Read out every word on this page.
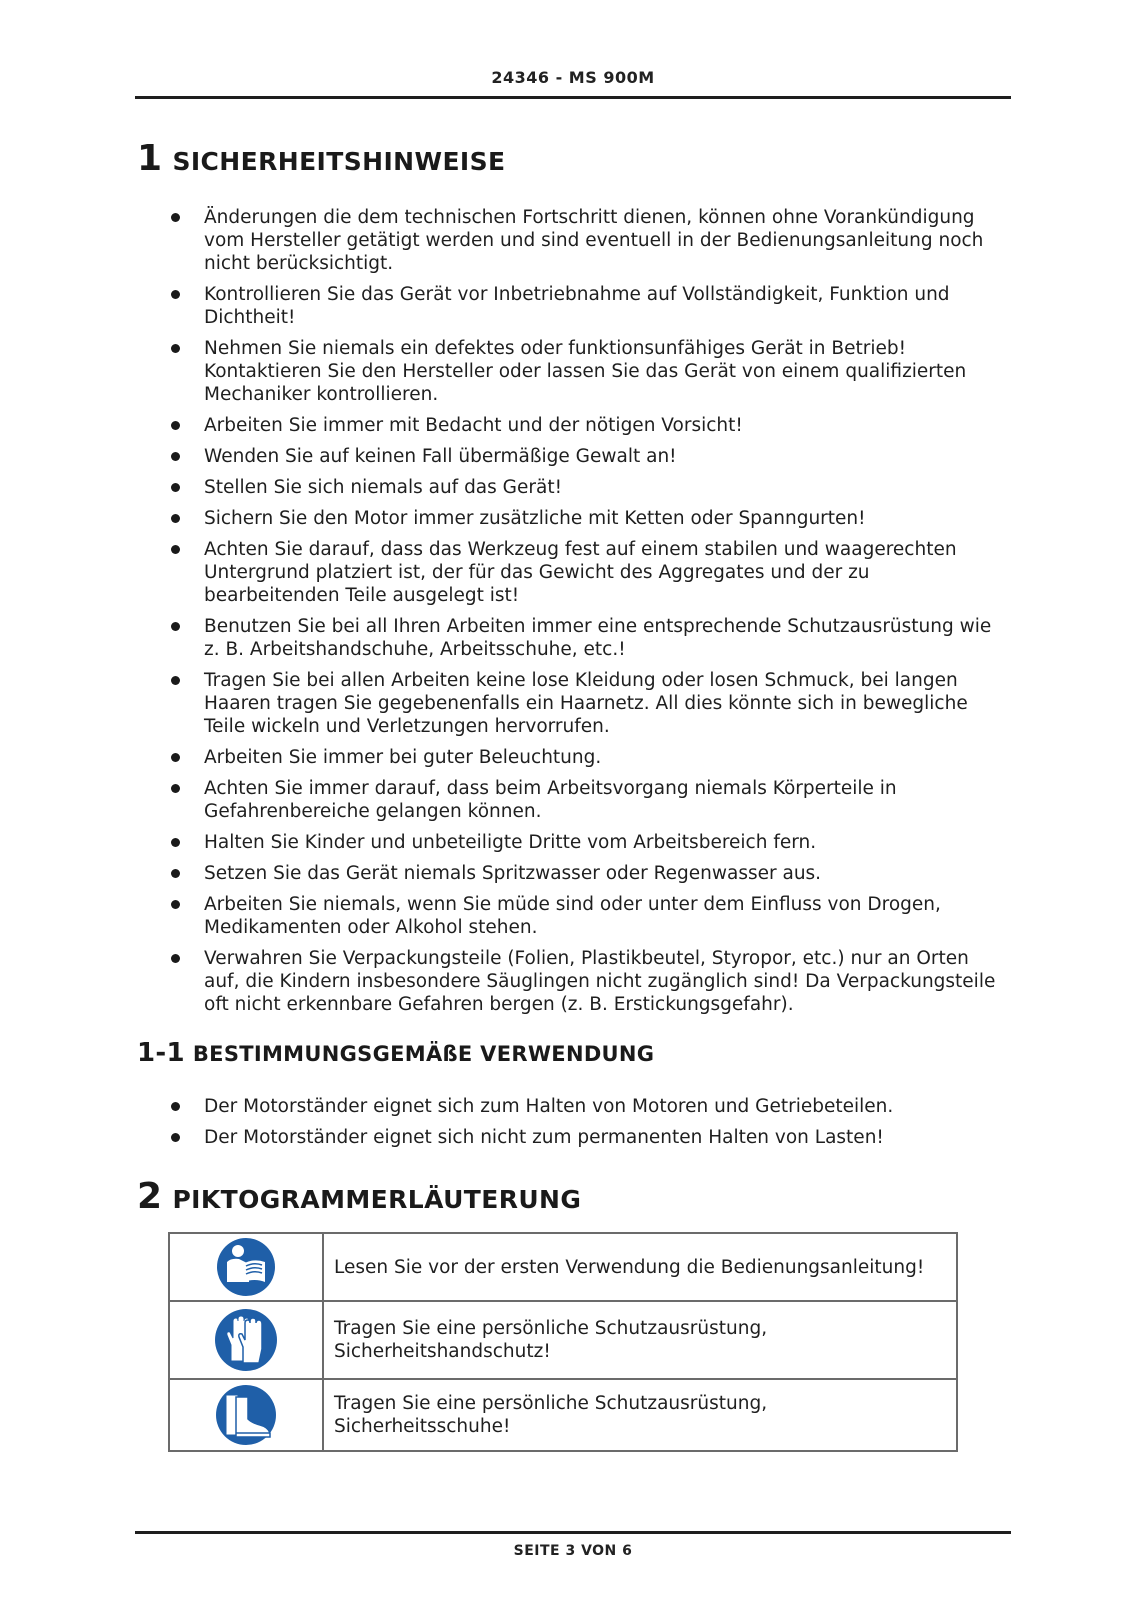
24346 - MS 900M
1 SICHERHEITSHINWEISE
Änderungen die dem technischen Fortschritt dienen, können ohne Vorankündigung vom Hersteller getätigt werden und sind eventuell in der Bedienungsanleitung noch nicht berücksichtigt.
Kontrollieren Sie das Gerät vor Inbetriebnahme auf Vollständigkeit, Funktion und Dichtheit!
Nehmen Sie niemals ein defektes oder funktionsunfähiges Gerät in Betrieb! Kontaktieren Sie den Hersteller oder lassen Sie das Gerät von einem qualifizierten Mechaniker kontrollieren.
Arbeiten Sie immer mit Bedacht und der nötigen Vorsicht!
Wenden Sie auf keinen Fall übermäßige Gewalt an!
Stellen Sie sich niemals auf das Gerät!
Sichern Sie den Motor immer zusätzliche mit Ketten oder Spanngurten!
Achten Sie darauf, dass das Werkzeug fest auf einem stabilen und waagerechten Untergrund platziert ist, der für das Gewicht des Aggregates und der zu bearbeitenden Teile ausgelegt ist!
Benutzen Sie bei all Ihren Arbeiten immer eine entsprechende Schutzausrüstung wie z. B. Arbeitshandschuhe, Arbeitsschuhe, etc.!
Tragen Sie bei allen Arbeiten keine lose Kleidung oder losen Schmuck, bei langen Haaren tragen Sie gegebenenfalls ein Haarnetz. All dies könnte sich in bewegliche Teile wickeln und Verletzungen hervorrufen.
Arbeiten Sie immer bei guter Beleuchtung.
Achten Sie immer darauf, dass beim Arbeitsvorgang niemals Körperteile in Gefahrenbereiche gelangen können.
Halten Sie Kinder und unbeteiligte Dritte vom Arbeitsbereich fern.
Setzen Sie das Gerät niemals Spritzwasser oder Regenwasser aus.
Arbeiten Sie niemals, wenn Sie müde sind oder unter dem Einfluss von Drogen, Medikamenten oder Alkohol stehen.
Verwahren Sie Verpackungsteile (Folien, Plastikbeutel, Styropor, etc.) nur an Orten auf, die Kindern insbesondere Säuglingen nicht zugänglich sind! Da Verpackungsteile oft nicht erkennbare Gefahren bergen (z. B. Erstickungsgefahr).
1-1 BESTIMMUNGSGEMÄßE VERWENDUNG
Der Motorständer eignet sich zum Halten von Motoren und Getriebeteilen.
Der Motorständer eignet sich nicht zum permanenten Halten von Lasten!
2 PIKTOGRAMMERLÄUTERUNG
	Lesen Sie vor der ersten Verwendung die Bedienungsanleitung!

	Tragen Sie eine persönliche Schutzausrüstung, Sicherheitshandschutz!

	Tragen Sie eine persönliche Schutzausrüstung, Sicherheitsschuhe!
SEITE 3 VON 6
